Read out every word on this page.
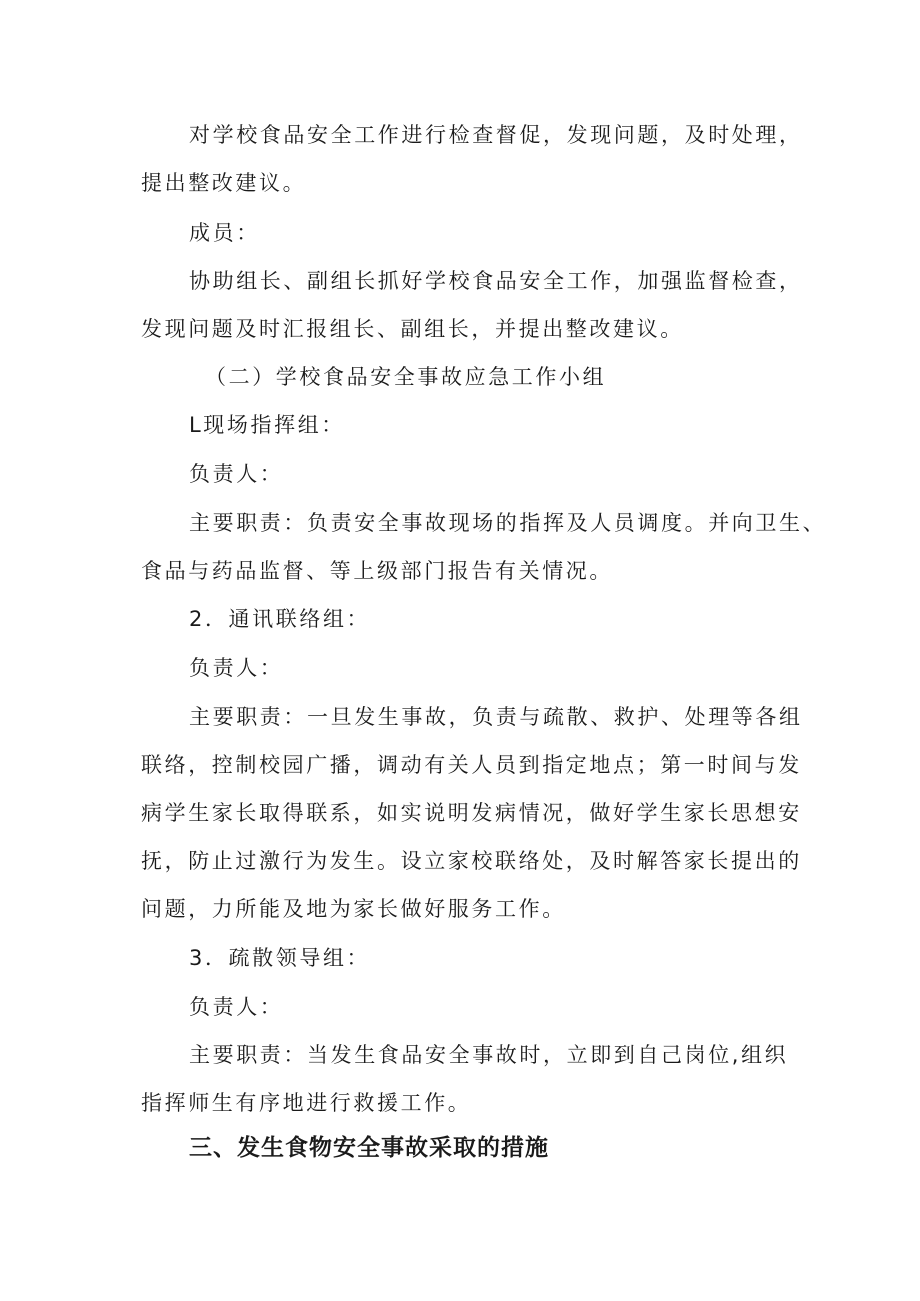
对学校食品安全工作进行检查督促，发现问题，及时处理，
提出整改建议。
成员：
协助组长、副组长抓好学校食品安全工作，加强监督检查，
发现问题及时汇报组长、副组长，并提出整改建议。
（二）学校食品安全事故应急工作小组
L现场指挥组：
负责人：
主要职责：负责安全事故现场的指挥及人员调度。并向卫生、
食品与药品监督、等上级部门报告有关情况。
2．通讯联络组：
负责人：
主要职责：一旦发生事故，负责与疏散、救护、处理等各组
联络，控制校园广播，调动有关人员到指定地点；第一时间与发
病学生家长取得联系，如实说明发病情况，做好学生家长思想安
抚，防止过激行为发生。设立家校联络处，及时解答家长提出的
问题，力所能及地为家长做好服务工作。
3．疏散领导组：
负责人：
主要职责：当发生食品安全事故时，立即到自己岗位,组织
指挥师生有序地进行救援工作。
三、发生食物安全事故采取的措施
